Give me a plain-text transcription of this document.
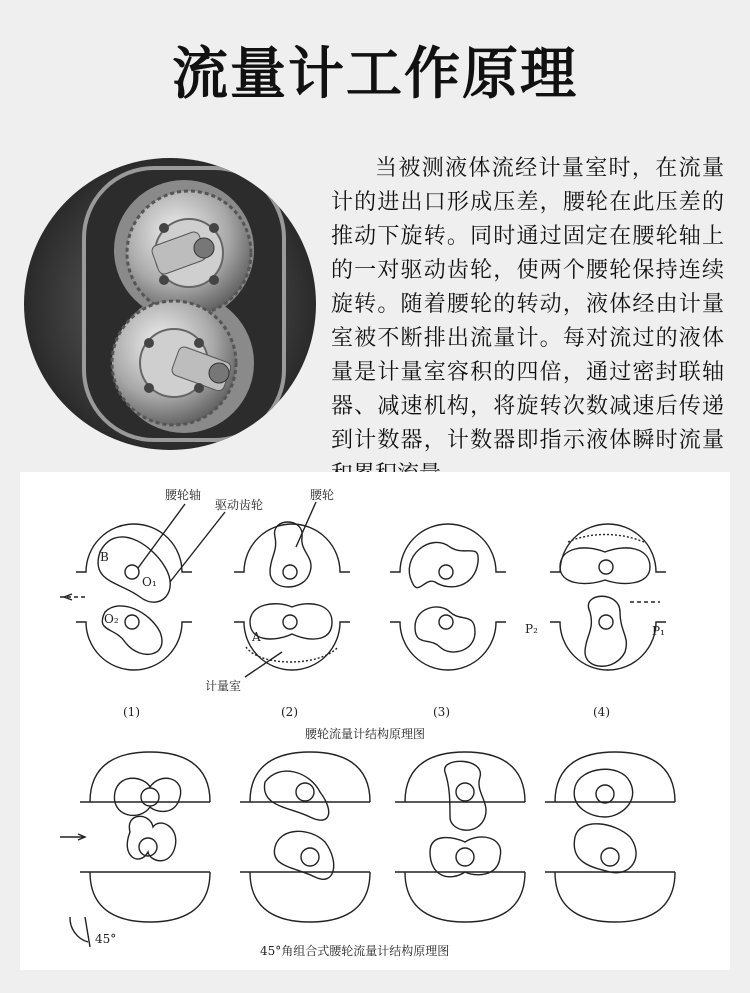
流量计工作原理

当被测液体流经计量室时，在流量计的进出口形成压差，腰轮在此压差的推动下旋转。同时通过固定在腰轮轴上的一对驱动齿轮，使两个腰轮保持连续旋转。随着腰轮的转动，液体经由计量室被不断排出流量计。每对流过的液体量是计量室容积的四倍，通过密封联轴器、减速机构，将旋转次数减速后传递到计数器，计数器即指示液体瞬时流量

腰轮轴
驱动齿轮
腰轮
计量室
B
O₁
O₂
A
P₂	P₁
(1)	(2)	(3)	(4)
腰轮流量计结构原理图
45°
45°角组合式腰轮流量计结构原理图
